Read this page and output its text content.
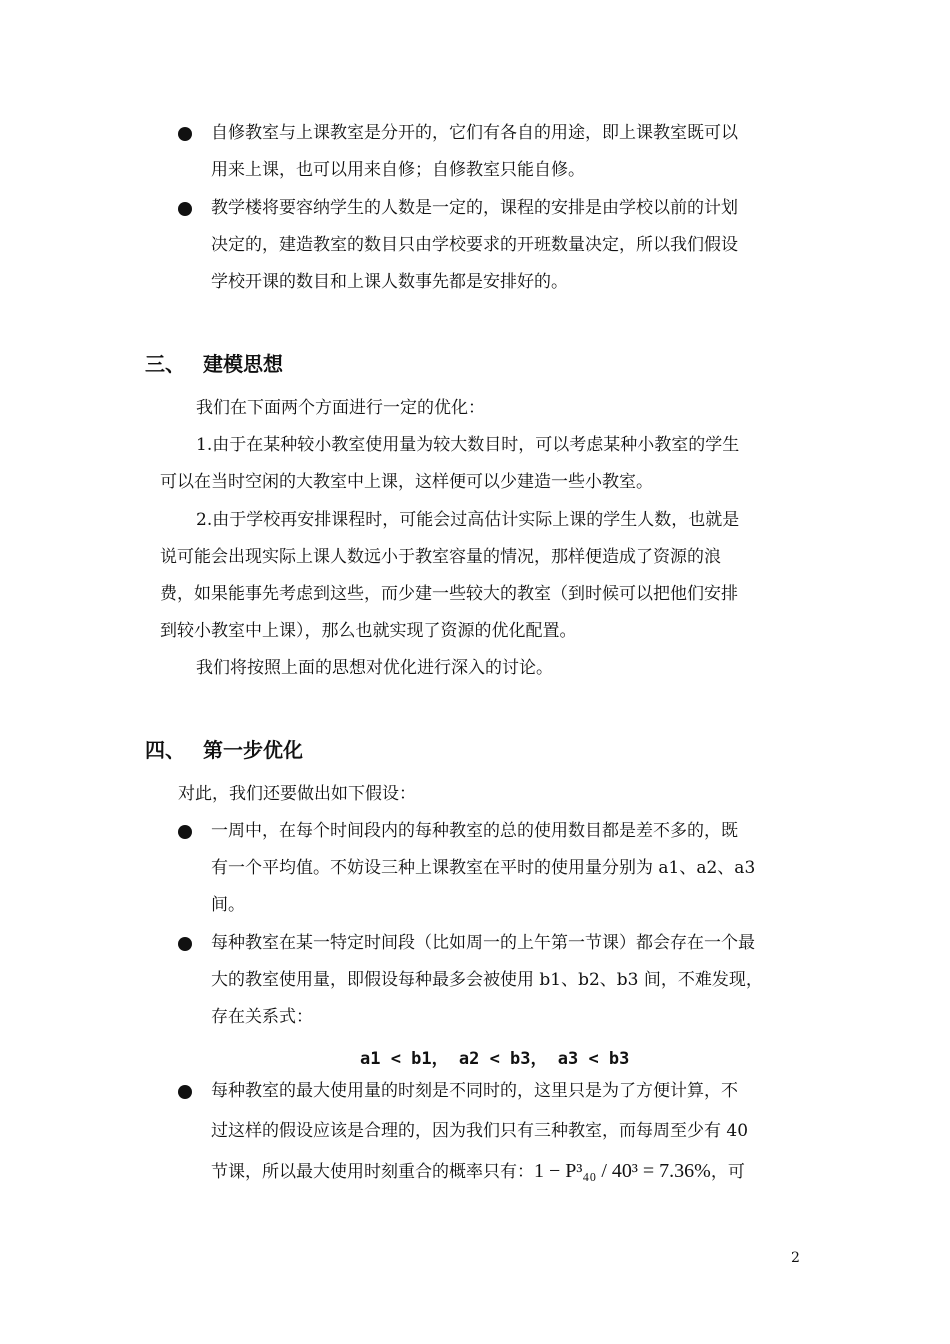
自修教室与上课教室是分开的，它们有各自的用途，即上课教室既可以
用来上课，也可以用来自修；自修教室只能自修。
教学楼将要容纳学生的人数是一定的，课程的安排是由学校以前的计划
决定的，建造教室的数目只由学校要求的开班数量决定，所以我们假设
学校开课的数目和上课人数事先都是安排好的。
三、 建模思想
我们在下面两个方面进行一定的优化：
1.由于在某种较小教室使用量为较大数目时，可以考虑某种小教室的学生
可以在当时空闲的大教室中上课，这样便可以少建造一些小教室。
2.由于学校再安排课程时，可能会过高估计实际上课的学生人数，也就是
说可能会出现实际上课人数远小于教室容量的情况，那样便造成了资源的浪
费，如果能事先考虑到这些，而少建一些较大的教室（到时候可以把他们安排
到较小教室中上课），那么也就实现了资源的优化配置。
我们将按照上面的思想对优化进行深入的讨论。
四、 第一步优化
对此，我们还要做出如下假设：
一周中，在每个时间段内的每种教室的总的使用数目都是差不多的，既
有一个平均值。不妨设三种上课教室在平时的使用量分别为 a1、a2、a3
间。
每种教室在某一特定时间段（比如周一的上午第一节课）都会存在一个最
大的教室使用量，即假设每种最多会被使用 b1、b2、b3 间，不难发现，
存在关系式：
a1 < b1， a2 < b3， a3 < b3
每种教室的最大使用量的时刻是不同时的，这里只是为了方便计算，不
过这样的假设应该是合理的，因为我们只有三种教室，而每周至少有 40
节课，所以最大使用时刻重合的概率只有：1 − P³₄₀ / 40³ = 7.36%，可
2
